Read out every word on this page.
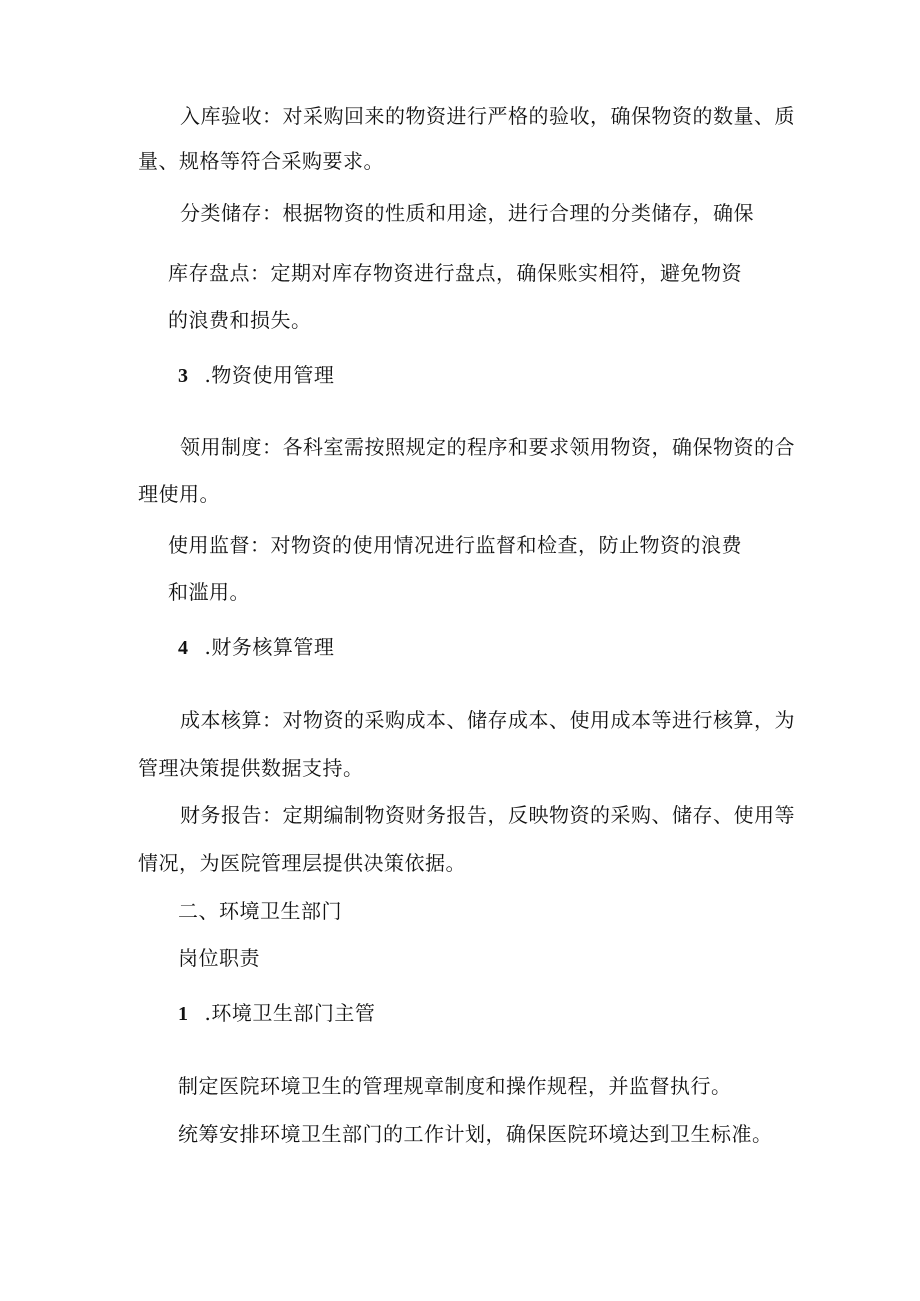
入库验收：对采购回来的物资进行严格的验收，确保物资的数量、质
量、规格等符合采购要求。
分类储存：根据物资的性质和用途，进行合理的分类储存，确保
库存盘点：定期对库存物资进行盘点，确保账实相符，避免物资
的浪费和损失。
3 .物资使用管理
领用制度：各科室需按照规定的程序和要求领用物资，确保物资的合
理使用。
使用监督：对物资的使用情况进行监督和检查，防止物资的浪费
和滥用。
4 .财务核算管理
成本核算：对物资的采购成本、储存成本、使用成本等进行核算，为
管理决策提供数据支持。
财务报告：定期编制物资财务报告，反映物资的采购、储存、使用等
情况，为医院管理层提供决策依据。
二、环境卫生部门
岗位职责
1 .环境卫生部门主管
制定医院环境卫生的管理规章制度和操作规程，并监督执行。
统筹安排环境卫生部门的工作计划，确保医院环境达到卫生标准。
